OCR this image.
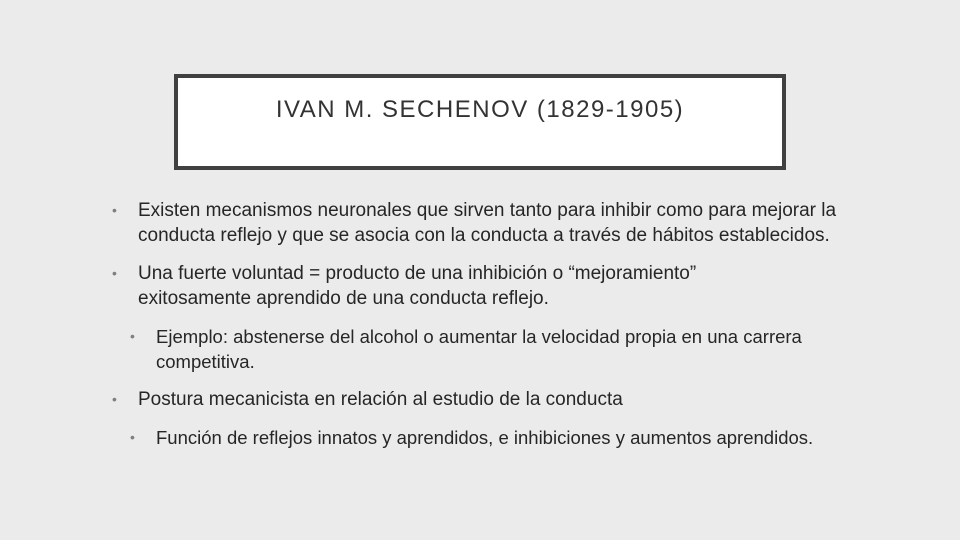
IVAN M. SECHENOV (1829-1905)
•	Existen mecanismos neuronales que sirven tanto para inhibir como para mejorar la conducta reflejo y que se asocia con la conducta a través de hábitos establecidos.
•	Una fuerte voluntad = producto de una inhibición o “mejoramiento” exitosamente aprendido de una conducta reflejo.
•	Ejemplo: abstenerse del alcohol o aumentar la velocidad propia en una carrera competitiva.
•	Postura mecanicista en relación al estudio de la conducta
•	Función de reflejos innatos y aprendidos, e inhibiciones y aumentos aprendidos.
